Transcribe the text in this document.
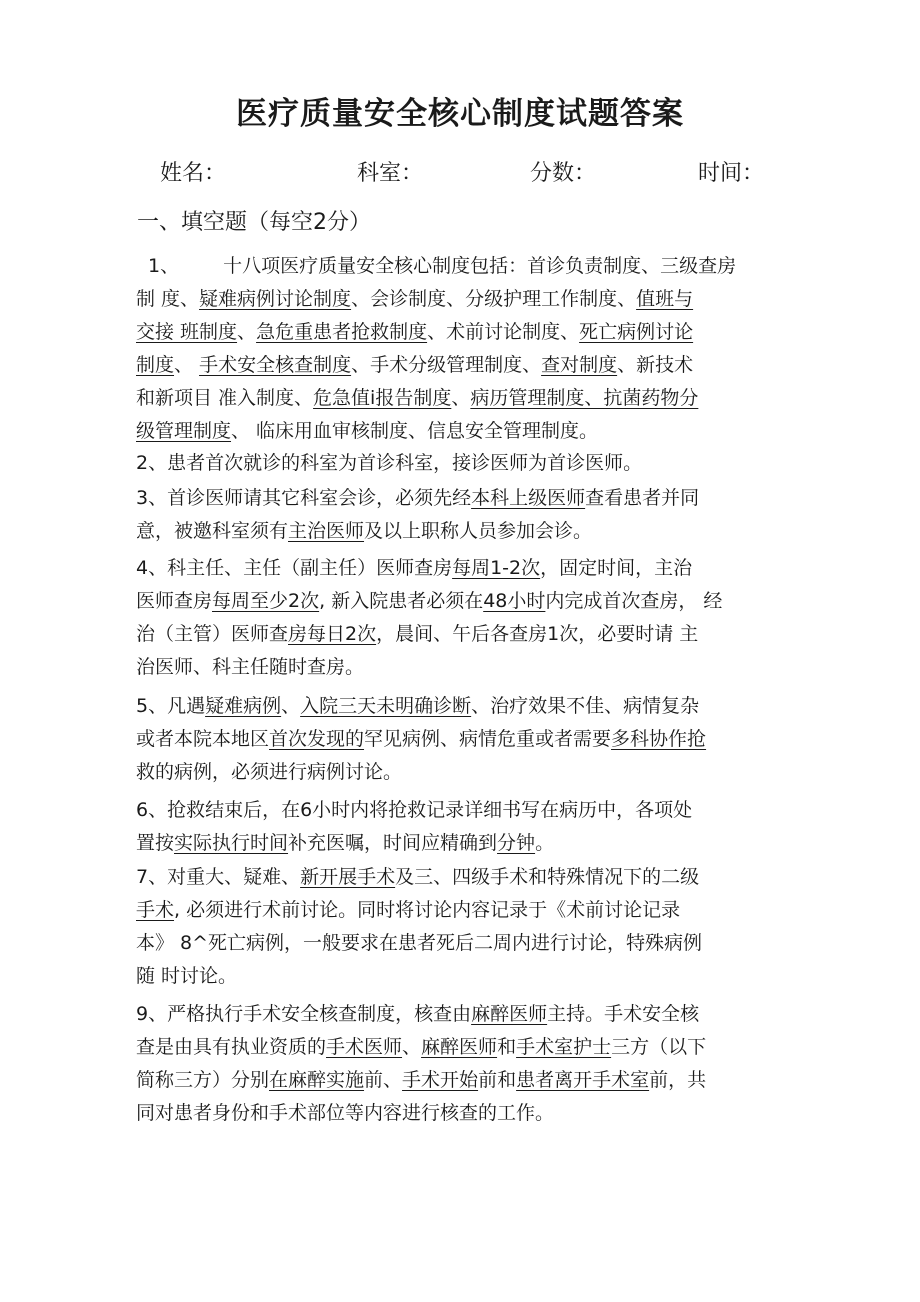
医疗质量安全核心制度试题答案
姓名：	科室：	分数：	时间：
一、填空题（每空2分）

1、 十八项医疗质量安全核心制度包括：首诊负责制度、三级查房

制 度、疑难病例讨论制度、会诊制度、分级护理工作制度、值班与

交接 班制度、急危重患者抢救制度、术前讨论制度、死亡病例讨论

制度、 手术安全核查制度、手术分级管理制度、查对制度、新技术

和新项目 准入制度、危急值i报告制度、病历管理制度、抗菌药物分

级管理制度、 临床用血审核制度、信息安全管理制度。

2、患者首次就诊的科室为首诊科室，接诊医师为首诊医师。

3、首诊医师请其它科室会诊，必须先经本科上级医师查看患者并同

意，被邀科室须有主治医师及以上职称人员参加会诊。

4、科主任、主任（副主任）医师查房每周1-2次，固定时间，主治

医师查房每周至少2次, 新入院患者必须在48小时内完成首次查房， 经

治（主管）医师查房每日2次，晨间、午后各查房1次，必要时请 主

治医师、科主任随时查房。

5、凡遇疑难病例、入院三天未明确诊断、治疗效果不佳、病情复杂

或者本院本地区首次发现的罕见病例、病情危重或者需要多科协作抢

救的病例，必须进行病例讨论。

6、抢救结束后，在6小时内将抢救记录详细书写在病历中，各项处

置按实际执行时间补充医嘱，时间应精确到分钟。

7、对重大、疑难、新开展手术及三、四级手术和特殊情况下的二级

手术, 必须进行术前讨论。同时将讨论内容记录于《术前讨论记录

本》 8^死亡病例，一般要求在患者死后二周内进行讨论，特殊病例

随 时讨论。

9、严格执行手术安全核查制度，核查由麻醉医师主持。手术安全核

查是由具有执业资质的手术医师、麻醉医师和手术室护士三方（以下

简称三方）分别在麻醉实施前、手术开始前和患者离开手术室前，共

同对患者身份和手术部位等内容进行核查的工作。
